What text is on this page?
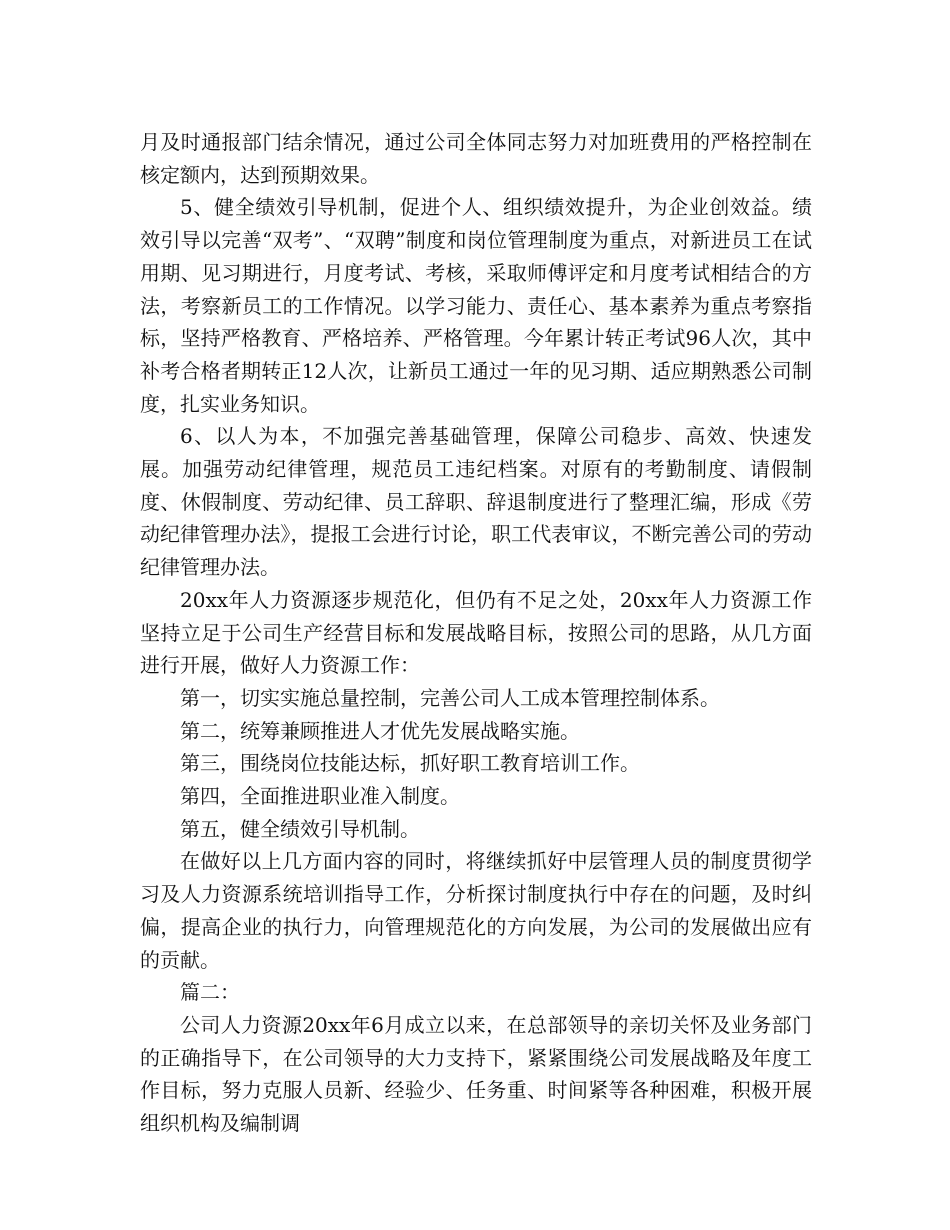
月及时通报部门结余情况，通过公司全体同志努力对加班费用的严格控制在核定额内，达到预期效果。

5、健全绩效引导机制，促进个人、组织绩效提升，为企业创效益。绩效引导以完善“双考”、“双聘”制度和岗位管理制度为重点，对新进员工在试用期、见习期进行，月度考试、考核，采取师傅评定和月度考试相结合的方法，考察新员工的工作情况。以学习能力、责任心、基本素养为重点考察指标，坚持严格教育、严格培养、严格管理。今年累计转正考试96人次，其中补考合格者期转正12人次，让新员工通过一年的见习期、适应期熟悉公司制度，扎实业务知识。

6、以人为本，不加强完善基础管理，保障公司稳步、高效、快速发展。加强劳动纪律管理，规范员工违纪档案。对原有的考勤制度、请假制度、休假制度、劳动纪律、员工辞职、辞退制度进行了整理汇编，形成《劳动纪律管理办法》，提报工会进行讨论，职工代表审议，不断完善公司的劳动纪律管理办法。

20xx年人力资源逐步规范化，但仍有不足之处，20xx年人力资源工作坚持立足于公司生产经营目标和发展战略目标，按照公司的思路，从几方面进行开展，做好人力资源工作：

第一，切实实施总量控制，完善公司人工成本管理控制体系。

第二，统筹兼顾推进人才优先发展战略实施。

第三，围绕岗位技能达标，抓好职工教育培训工作。

第四，全面推进职业准入制度。

第五，健全绩效引导机制。

在做好以上几方面内容的同时，将继续抓好中层管理人员的制度贯彻学习及人力资源系统培训指导工作，分析探讨制度执行中存在的问题，及时纠偏，提高企业的执行力，向管理规范化的方向发展，为公司的发展做出应有的贡献。

篇二：

公司人力资源20xx年6月成立以来，在总部领导的亲切关怀及业务部门的正确指导下，在公司领导的大力支持下，紧紧围绕公司发展战略及年度工作目标，努力克服人员新、经验少、任务重、时间紧等各种困难，积极开展组织机构及编制调
